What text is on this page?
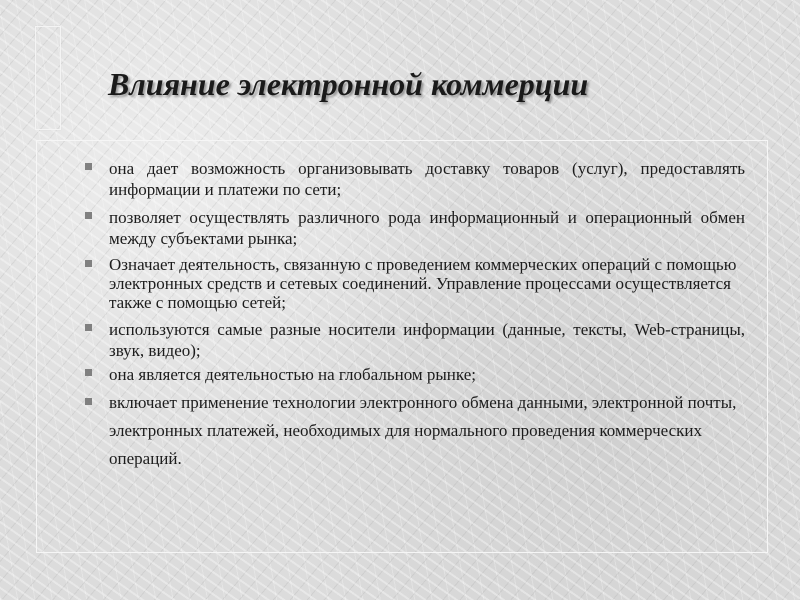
Влияние электронной коммерции
она дает возможность организовывать доставку товаров (услуг), предоставлять информации и платежи по сети;
позволяет осуществлять различного рода информационный и операционный обмен между субъектами рынка;
Означает деятельность, связанную с проведением коммерческих операций с помощью электронных средств и сетевых соединений. Управление процессами осуществляется также с помощью сетей;
используются самые разные носители информации (данные, тексты, Web-страницы, звук, видео);
она является деятельностью на глобальном рынке;
включает применение технологии электронного обмена данными, электронной почты, электронных платежей, необходимых для нормального проведения коммерческих операций.
